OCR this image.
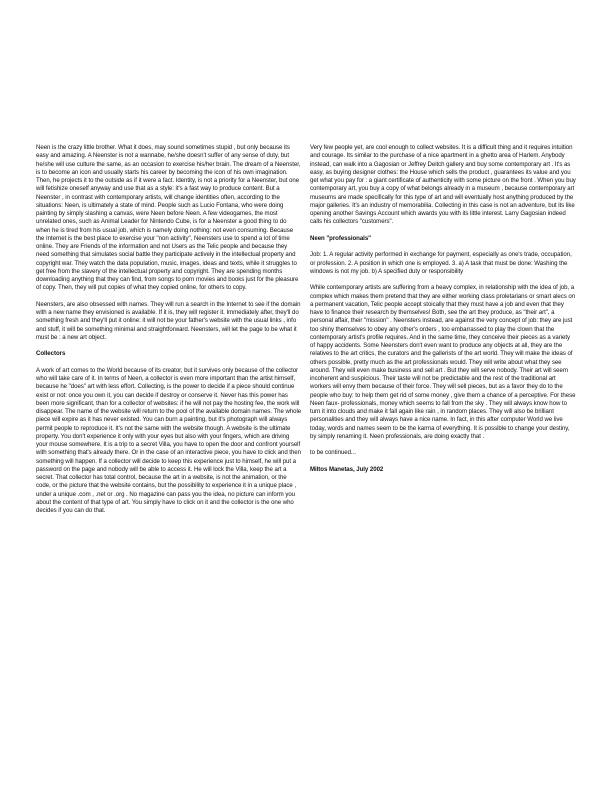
Neen is the crazy little brother. What it does, may sound sometimes stupid , but only because its easy and amazing. A Neenster is not a wannabe, he/she doesn't suffer of any sense of duty, but he/she will use culture the same, as an occasion to exercise his/her brain. The dream of a Neenster, is to become an icon and usually starts his career by becoming the icon of his own imagination. Then, he projects it to the outside as if it were a fact. Identity, is not a priority for a Neenster, but one will fetishize oneself anyway and use that as a style: it's a fast way to produce content. But a Neenster , in contrast with contemporary artists, will change identities often, according to the situations: Neen, is ultimately a state of mind. People such as Lucio Fontana, who were doing painting by simply slashing a canvas, were Neen before Neen. A few videogames, the most unrelated ones, such as Animal Leader for Nintendo Cube, is for a Neenster a good thing to do when he is tired from his usual job, which is namely doing nothing: not even consuming. Because the Internet is the best place to exercise your "non activity", Neensters use to spend a lot of time online. They are Friends of the information and not Users as the Telic people and because they need something that simulates social battle they participate actively in the intellectual property and copyright war. They watch the data population, music, images, ideas and texts, while it struggles to get free from the slavery of the intellectual property and copyright. They are spending months downloading anything that they can find, from songs to porn movies and books just for the pleasure of copy. Then, they will put copies of what they copied online, for others to copy.

Neensters, are also obsessed with names. They will run a search in the Internet to see if the domain with a new name they envisioned is available. If it is, they will register it. Immediately after, they'll do something fresh and they'll put it online: it will not be your father's website with the usual links , info and stuff, it will be something minimal and straightforward. Neensters, will let the page to be what it must be : a new art object.

Collectors

A work of art comes to the World because of its creator, but it survives only because of the collector who will take care of it. In terms of Neen, a collector is even more important than the artist himself, because he "does" art with less effort. Collecting, is the power to decide if a piece should continue exist or not: once you own it, you can decide if destroy or conserve it. Never has this power has been more significant, than for a collector of websites: if he will not pay the hosting fee, the work will disappear. The name of the website will return to the pool of the available domain names. The whole piece will expire as it has never existed. You can burn a painting, but it's photograph will always permit people to reproduce it. It's not the same with the website though. A website is the ultimate property. You don't experience it only with your eyes but also with your fingers, which are driving your mouse somewhere. It is a trip to a secret Villa, you have to open the door and confront yourself with something that's already there. Or in the case of an interactive piece, you have to click and then something will happen. If a collector will decide to keep this experience just to himself, he will put a password on the page and nobody will be able to access it. He will lock the Villa, keep the art a secret. That collector has total control, because the art in a website, is not the animation, or the code, or the picture that the website contains, but the possibility to experience it in a unique place , under a unique .com , .net or .org . No magazine can pass you the idea, no picture can inform you about the content of that type of art. You simply have to click on it and the collector is the one who decides if you can do that.

Very few people yet, are cool enough to collect websites. It is a difficult thing and it requires intuition and courage. Its similar to the purchase of a nice apartment in a ghetto area of Harlem. Anybody instead, can walk into a Gagosian or Jeffrey Deitch gallery and buy some contemporary art . It's as easy, as buying designer clothes: the House which sells the product , guarantees its value and you get what you pay for : a giant certificate of authenticity with some picture on the front . When you buy contemporary art, you buy a copy of what belongs already in a museum , because contemporary art museums are made specifically for this type of art and will eventually host anything produced by the major galleries. It's an industry of memorabilia. Collecting in this case is not an adventure, but its like opening another Savings Account which awards you with its little interest. Larry Gagosian indeed calls his collectors "customers".

Neen "professionals"

Job: 1. A regular activity performed in exchange for payment, especially as one's trade, occupation, or profession. 2. A position in which one is employed. 3. a) A task that must be done: Washing the windows is not my job. b) A specified duty or responsibility

While contemporary artists are suffering from a heavy complex, in relationship with the idea of job, a complex which makes them pretend that they are either working class proletarians or smart alecs on a permanent vacation, Telic people accept stoically that they must have a job and even that they have to finance their research by themselves! Both, see the art they produce, as "their art", a personal affair, their "mission" . Neensters instead, are against the very concept of job: they are just too shiny themselves to obey any other's orders , too embarrassed to play the clown that the contemporary artist's profile requires. And in the same time, they conceive their pieces as a variety of happy accidents. Some Neensters don't even want to produce any objects at all, they are the relatives to the art critics, the curators and the gallerists of the art world. They will make the ideas of others possible, pretty much as the art professionals would. They will write about what they see around. They will even make business and sell art . But they will serve nobody. Their art will seem incoherent and suspicious. Their taste will not be predictable and the rest of the traditional art workers will envy them because of their force. They will sell pieces, but as a favor they do to the people who buy: to help them get rid of some money , give them a chance of a perceptive. For these Neen faux- professionals, money which seems to fall from the sky . They will always know how to turn it into clouds and make it fall again like rain , in random places. They will also be brilliant personalities and they will always have a nice name. In fact, in this after computer World we live today, words and names seem to be the karma of everything. It is possible to change your destiny, by simply renaming it. Neen professionals, are doing exactly that .

to be continued...

Miltos Manetas, July 2002
